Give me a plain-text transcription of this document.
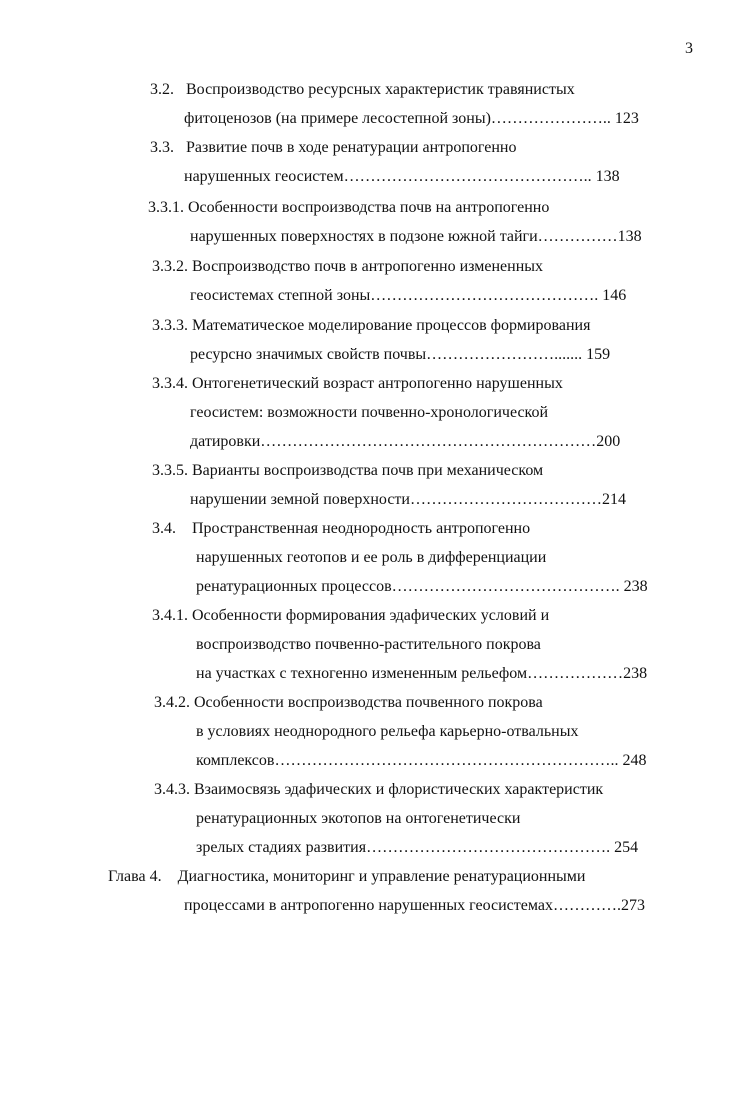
3
3.2.   Воспроизводство ресурсных характеристик травянистых
фитоценозов (на примере лесостепной зоны)………………….. 123
3.3.   Развитие почв в ходе ренатурации антропогенно
нарушенных геосистем……………………………………….. 138
3.3.1. Особенности воспроизводства почв на антропогенно
нарушенных поверхностях в подзоне южной тайги……………138
3.3.2. Воспроизводство почв в антропогенно измененных
геосистемах степной зоны……………………………………. 146
3.3.3. Математическое моделирование процессов формирования
ресурсно значимых свойств почвы……………………....... 159
3.3.4. Онтогенетический возраст антропогенно нарушенных
геосистем: возможности почвенно-хронологической
датировки………………………………………………………200
3.3.5. Варианты воспроизводства почв при механическом
нарушении земной поверхности………………………………214
3.4.    Пространственная неоднородность антропогенно
нарушенных геотопов и ее роль в дифференциации
ренатурационных процессов……………………………………. 238
3.4.1. Особенности формирования эдафических условий и
воспроизводство почвенно-растительного покрова
на участках с техногенно измененным рельефом………………238
3.4.2. Особенности воспроизводства почвенного покрова
в условиях неоднородного рельефа карьерно-отвальных
комплексов……………………………………………………….. 248
3.4.3. Взаимосвязь эдафических и флористических характеристик
ренатурационных экотопов на онтогенетически
зрелых стадиях развития………………………………………. 254
Глава 4.    Диагностика, мониторинг и управление ренатурационными
процессами в антропогенно нарушенных геосистемах………….273
